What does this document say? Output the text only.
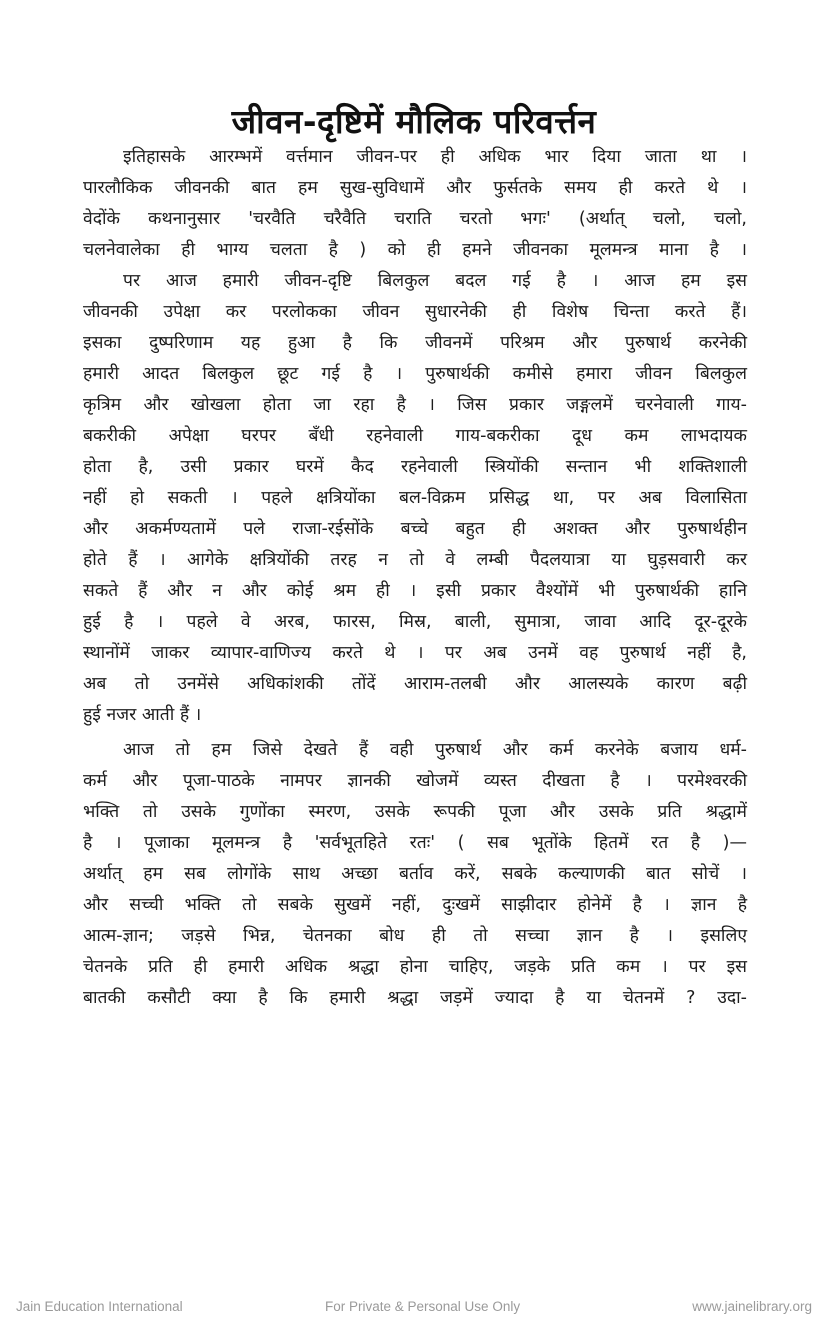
जीवन-दृष्टिमें मौलिक परिवर्त्तन
इतिहासके आरम्भमें वर्त्तमान जीवन-पर ही अधिक भार दिया जाता था ।
पारलौकिक जीवनकी बात हम सुख-सुविधामें और फुर्सतके समय ही करते थे ।
वेदोंके कथनानुसार 'चरवैति चरैवैति चराति चरतो भगः' (अर्थात् चलो, चलो,
चलनेवालेका ही भाग्य चलता है ) को ही हमने जीवनका मूलमन्त्र माना है ।
पर आज हमारी जीवन-दृष्टि बिलकुल बदल गई है । आज हम इस
जीवनकी उपेक्षा कर परलोकका जीवन सुधारनेकी ही विशेष चिन्ता करते हैं।
इसका दुष्परिणाम यह हुआ है कि जीवनमें परिश्रम और पुरुषार्थ करनेकी
हमारी आदत बिलकुल छूट गई है । पुरुषार्थकी कमीसे हमारा जीवन बिलकुल
कृत्रिम और खोखला होता जा रहा है । जिस प्रकार जङ्गलमें चरनेवाली गाय-
बकरीकी अपेक्षा घरपर बँधी रहनेवाली गाय-बकरीका दूध कम लाभदायक
होता है, उसी प्रकार घरमें कैद रहनेवाली स्त्रियोंकी सन्तान भी शक्तिशाली
नहीं हो सकती । पहले क्षत्रियोंका बल-विक्रम प्रसिद्ध था, पर अब विलासिता
और अकर्मण्यतामें पले राजा-रईसोंके बच्चे बहुत ही अशक्त और पुरुषार्थहीन
होते हैं । आगेके क्षत्रियोंकी तरह न तो वे लम्बी पैदलयात्रा या घुड़सवारी कर
सकते हैं और न और कोई श्रम ही । इसी प्रकार वैश्योंमें भी पुरुषार्थकी हानि
हुई है । पहले वे अरब, फारस, मिस्र, बाली, सुमात्रा, जावा आदि दूर-दूरके
स्थानोंमें जाकर व्यापार-वाणिज्य करते थे । पर अब उनमें वह पुरुषार्थ नहीं है,
अब तो उनमेंसे अधिकांशकी तोंदें आराम-तलबी और आलस्यके कारण बढ़ी
हुई नजर आती हैं ।
आज तो हम जिसे देखते हैं वही पुरुषार्थ और कर्म करनेके बजाय धर्म-
कर्म और पूजा-पाठके नामपर ज्ञानकी खोजमें व्यस्त दीखता है । परमेश्वरकी
भक्ति तो उसके गुणोंका स्मरण, उसके रूपकी पूजा और उसके प्रति श्रद्धामें
है । पूजाका मूलमन्त्र है 'सर्वभूतहिते रतः' ( सब भूतोंके हितमें रत है )—
अर्थात् हम सब लोगोंके साथ अच्छा बर्ताव करें, सबके कल्याणकी बात सोचें ।
और सच्ची भक्ति तो सबके सुखमें नहीं, दुःखमें साझीदार होनेमें है । ज्ञान है
आत्म-ज्ञान; जड़से भिन्न, चेतनका बोध ही तो सच्चा ज्ञान है । इसलिए
चेतनके प्रति ही हमारी अधिक श्रद्धा होना चाहिए, जड़के प्रति कम । पर इस
बातकी कसौटी क्या है कि हमारी श्रद्धा जड़में ज्यादा है या चेतनमें ? उदा-
Jain Education International	For Private & Personal Use Only	www.jainelibrary.org
